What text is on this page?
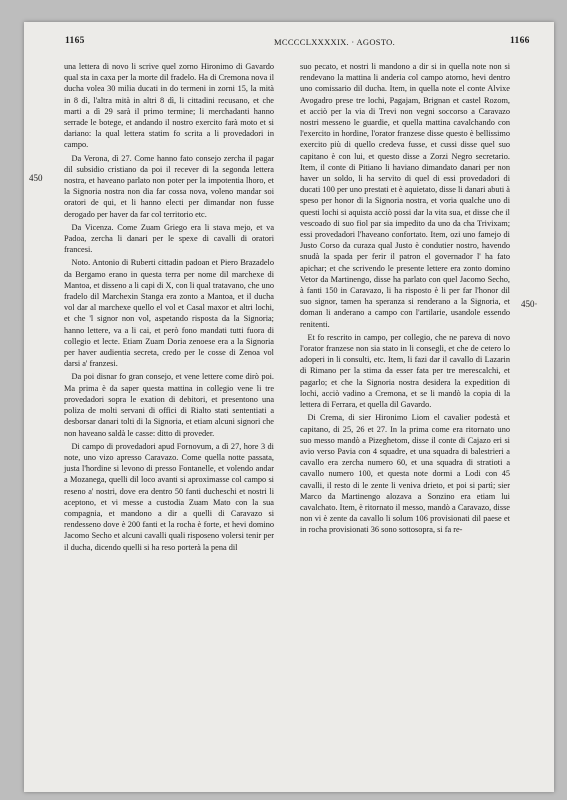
1165	MCCCCLXXXXIX. · AGOSTO.	1166
450
450·

una lettera di novo li scrive quel zorno Hironimo di Gavardo qual sta in caxa per la morte dil fradelo. Ha di Cremona nova il ducha volea 30 milia ducati in do termeni in zorni 15, la mità in 8 dì, l'altra mità in altri 8 dì, li cittadini recusano, et che marti a dì 29 sarà il primo termine; li merchadanti hanno serrade le botege, et andando il nostro exercito farà moto et si dariano: la qual lettera statim fo scrita a li provedadori in campo.

Da Verona, dì 27. Come hanno fato consejo zercha il pagar dil subsidio cristiano da poi il recever di la segonda lettera nostra, et haveano parlato non poter per la impotentia lhoro, et la Signoria nostra non dia far cossa nova, voleno mandar soi oratori de qui, et li hanno electi per dimandar non fusse derogado per haver da far col territorio etc.

Da Vicenza. Come Zuam Griego era li stava mejo, et va Padoa, zercha li danari per le spexe di cavalli di oratori francesi.

Noto. Antonio di Ruberti cittadin padoan et Piero Brazadelo da Bergamo erano in questa terra per nome dil marchexe di Mantoa, et disseno a li capi di X, con li qual tratavano, che uno fradelo dil Marchexin Stanga era zonto a Mantoa, et il ducha vol dar al marchexe quello el vol et Casal maxor et altri lochi, et che 'l signor non vol, aspetando risposta da la Signoria; hanno lettere, va a li cai, et però fono mandati tutti fuora di collegio et lecte. Etiam Zuam Doria zenoese era a la Signoria per haver audientia secreta, credo per le cosse di Zenoa vol darsi a' franzesi.

Da poi disnar fo gran consejo, et vene lettere come dirò poi. Ma prima è da saper questa mattina in collegio vene li tre provedadori sopra le exation di debitori, et presentono una poliza de molti servani di offici di Rialto stati sententiati a desborsar danari tolti di la Signoria, et etiam alcuni signori che non haveano saldà le casse: ditto di proveder.

Di campo di provedadori apud Fornovum, a dì 27, hore 3 di note, uno vizo apresso Caravazo. Come quella notte passata, justa l'hordine si levono di presso Fontanelle, et volendo andar a Mozanega, quelli dil loco avanti si aproximasse col campo si reseno a' nostri, dove era dentro 50 fanti ducheschi et nostri li aceptono, et vi messe a custodia Zuam Mato con la sua compagnia, et mandono a dir a quelli di Caravazo si rendesseno dove è 200 fanti et la rocha è forte, et hevi domino Jacomo Secho et alcuni cavalli quali risposeno volersi tenir per il ducha, dicendo quelli si ha reso porterà la pena dil

suo pecato, et nostri li mandono a dir si in quella note non si rendevano la mattina li anderia col campo atorno, hevi dentro uno comissario dil ducha. Item, in quella note el conte Alvixe Avogadro prese tre lochi, Pagajam, Brignan et castel Rozom, et acciò per la via di Trevi non vegni soccorso a Caravazo nostri messeno le guardie, et quella mattina cavalchando con l'exercito in hordine, l'orator franzese disse questo è bellissimo exercito più di quello credeva fusse, et cussi disse quel suo capitano è con lui, et questo disse a Zorzi Negro secretario. Item, il conte di Pitiano li haviano dimandato danari per non haver un soldo, li ha servito di quel di essi provedadori di ducati 100 per uno prestati et è aquietato, disse li danari abuti à speso per honor di la Signoria nostra, et voria qualche uno di questi lochi si aquista acciò possi dar la vita sua, et disse che il vescoado di suo fiol par sia impedito da uno da cha Trivixam; essi provedadori l'haveano confortato. Item, ozi uno famejo di Justo Corso da curaza qual Justo è condutier nostro, havendo snudà la spada per ferir il patron el governador l' ha fato apichar; et che scrivendo le presente lettere era zonto domino Vetor da Martinengo, disse ha parlato con quel Jacomo Secho, à fanti 150 in Caravazo, li ha risposto è li per far l'honor dil suo signor, tamen ha speranza si renderano a la Signoria, et doman li anderano a campo con l'artilarie, usandole essendo renitenti.

Et fo rescrito in campo, per collegio, che ne pareva di novo l'orator franzese non sia stato in li consegli, et che de cetero lo adoperi in li consulti, etc. Item, li fazi dar il cavallo di Lazarin di Rimano per la stima da esser fata per tre merescalchi, et pagarlo; et che la Signoria nostra desidera la expedition di lochi, acciò vadino a Cremona, et se li mandò la copia di la lettera di Ferrara, et quella dil Gavardo.

Di Crema, di sier Hironimo Liom el cavalier podestà et capitano, di 25, 26 et 27. In la prima come era ritornato uno suo messo mandò a Pizeghetom, disse il conte di Cajazo eri si avio verso Pavia con 4 squadre, et una squadra di balestrieri a cavallo era zercha numero 60, et una squadra di stratioti a cavallo numero 100, et questa note dormi a Lodi con 45 cavalli, il resto di le zente li veniva drieto, et poi si partì; sier Marco da Martinengo alozava a Sonzino era etiam lui cavalchato. Item, è ritornato il messo, mandò a Caravazo, disse non vi è zente da cavallo li solum 106 provisionati dil paese et in rocha provisionati 36 sono sottosopra, si fa re-
